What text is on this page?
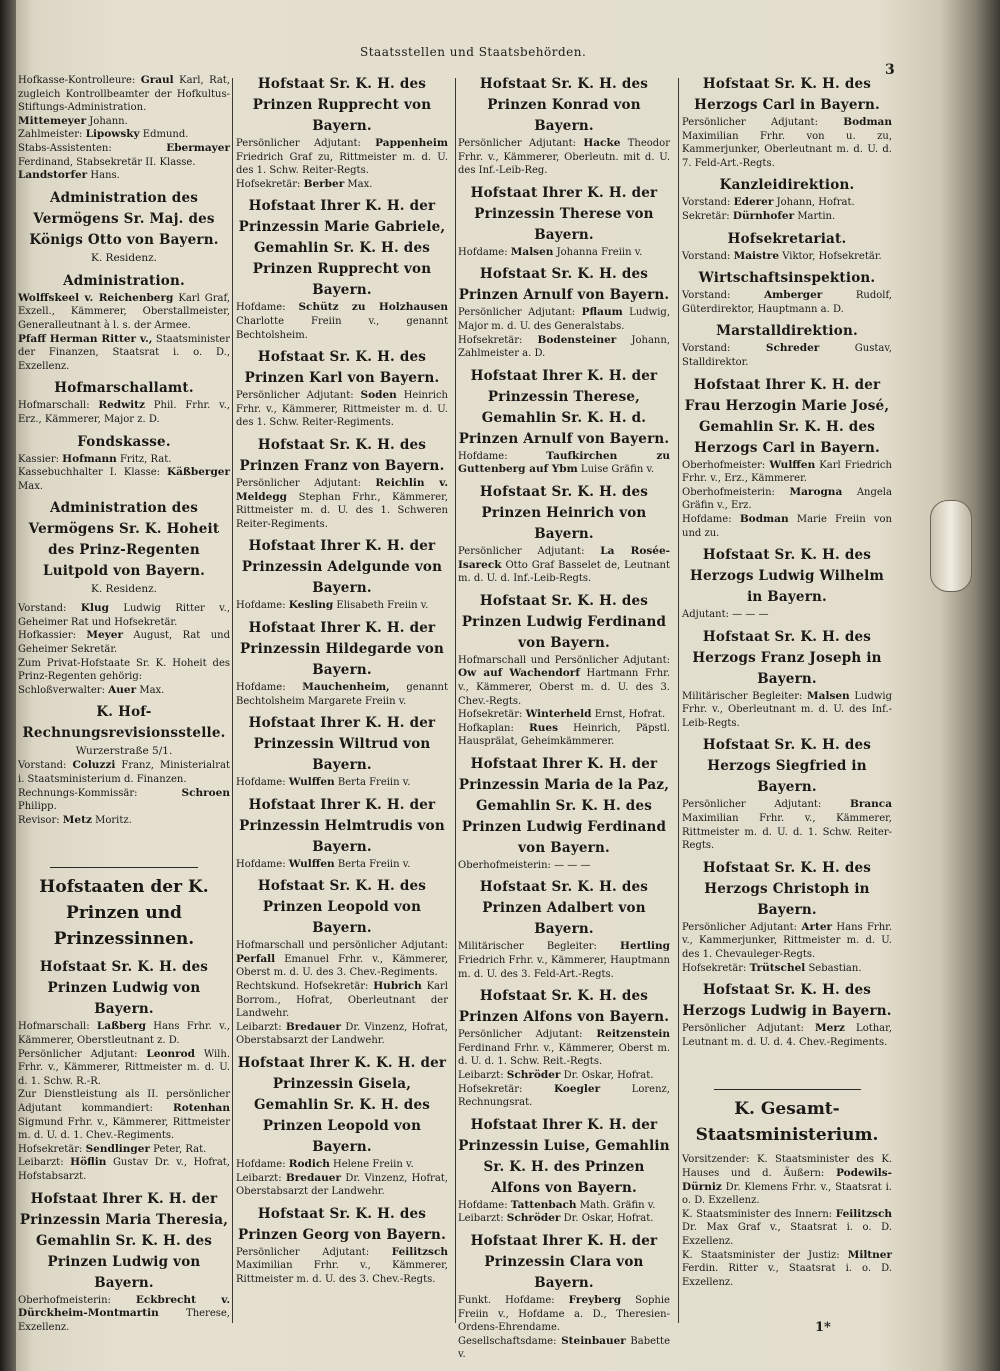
Staatsstellen und Staatsbehörden.
3
Hofkasse-Kontrolleure: Graul Karl, Rat, zugleich Kontrollbeamter der Hofkultus-Stiftungs-Administration.
Mittemeyer Johann.
Zahlmeister: Lipowsky Edmund.
Stabs-Assistenten:	Ebermayer Ferdinand, Stabsekretär II. Klasse.
Landstorfer Hans.
Administration des Vermögens Sr. Maj. des Königs Otto von Bayern.
K. Residenz.
Administration.
Wolffskeel v. Reichenberg Karl Graf, Exzell., Kämmerer, Oberstallmeister, Generalleutnant à l. s. der Armee.
Pfaff Herman Ritter v., Staatsminister der Finanzen, Staatsrat i. o. D., Exzellenz.
Hofmarschallamt.
Hofmarschall: Redwitz Phil. Frhr. v., Erz., Kämmerer, Major z. D.
Fondskasse.
Kassier: Hofmann Fritz, Rat.
Kassebuchhalter I. Klasse: Käßberger Max.
Administration des Vermögens Sr. K. Hoheit des Prinz-Regenten Luitpold von Bayern.
K. Residenz.
Vorstand: Klug Ludwig Ritter v., Geheimer Rat und Hofsekretär.
Hofkassier: Meyer August, Rat und Geheimer Sekretär.
Zum Privat-Hofstaate Sr. K. Hoheit des Prinz-Regenten gehörig:
Schloßverwalter: Auer Max.
K. Hof-Rechnungsrevisionsstelle.
Wurzerstraße 5/1.
Vorstand: Coluzzi Franz, Ministerialrat i. Staatsministerium d. Finanzen.
Rechnungs-Kommissär:	Schroen Philipp.
Revisor: Metz Moritz.
Hofstaaten der K. Prinzen und Prinzessinnen.
Hofstaat Sr. K. H. des Prinzen Ludwig von Bayern.
Hofmarschall: Laßberg Hans Frhr. v., Kämmerer, Oberstleutnant z. D.
Persönlicher Adjutant: Leonrod Wilh. Frhr. v., Kämmerer, Rittmeister m. d. U. d. 1. Schw. R.-R.
Zur Dienstleistung als II. persönlicher Adjutant kommandiert: Rotenhan Sigmund Frhr. v., Kämmerer, Rittmeister m. d. U. d. 1. Chev.-Regiments.
Hofsekretär: Sendlinger Peter, Rat.
Leibarzt: Höflin Gustav Dr. v., Hofrat, Hofstabsarzt.
Hofstaat Ihrer K. H. der Prinzessin Maria Theresia, Gemahlin Sr. K. H. des Prinzen Ludwig von Bayern.
Oberhofmeisterin: Eckbrecht v. Dürckheim-Montmartin	Therese, Exzellenz.
Hofstaat Sr. K. H. des Prinzen Rupprecht von Bayern.
Persönlicher Adjutant: Pappenheim Friedrich Graf zu, Rittmeister m. d. U. des 1. Schw. Reiter-Regts.
Hofsekretär: Berber Max.
Hofstaat Ihrer K. H. der Prinzessin Marie Gabriele, Gemahlin Sr. K. H. des Prinzen Rupprecht von Bayern.
Hofdame: Schütz zu Holzhausen Charlotte Freiin v., genannt Bechtolsheim.
Hofstaat Sr. K. H. des Prinzen Karl von Bayern.
Persönlicher Adjutant: Soden Heinrich Frhr. v., Kämmerer, Rittmeister m. d. U. des 1. Schw. Reiter-Regiments.
Hofstaat Sr. K. H. des Prinzen Franz von Bayern.
Persönlicher Adjutant: Reichlin v. Meldegg Stephan Frhr., Kämmerer, Rittmeister m. d. U. des 1. Schweren Reiter-Regiments.
Hofstaat Ihrer K. H. der Prinzessin Adelgunde von Bayern.
Hofdame: Kesling Elisabeth Freiin v.
Hofstaat Ihrer K. H. der Prinzessin Hildegarde von Bayern.
Hofdame: Mauchenheim, genannt Bechtolsheim Margarete Freiin v.
Hofstaat Ihrer K. H. der Prinzessin Wiltrud von Bayern.
Hofdame: Wulffen Berta Freiin v.
Hofstaat Ihrer K. H. der Prinzessin Helmtrudis von Bayern.
Hofdame: Wulffen Berta Freiin v.
Hofstaat Sr. K. H. des Prinzen Leopold von Bayern.
Hofmarschall und persönlicher Adjutant: Perfall Emanuel Frhr. v., Kämmerer, Oberst m. d. U. des 3. Chev.-Regiments.
Rechtskund. Hofsekretär: Hubrich Karl Borrom., Hofrat, Oberleutnant der Landwehr.
Leibarzt: Bredauer Dr. Vinzenz, Hofrat, Oberstabsarzt der Landwehr.
Hofstaat Ihrer K. K. H. der Prinzessin Gisela, Gemahlin Sr. K. H. des Prinzen Leopold von Bayern.
Hofdame: Rodich Helene Freiin v.
Leibarzt: Bredauer Dr. Vinzenz, Hofrat, Oberstabsarzt der Landwehr.
Hofstaat Sr. K. H. des Prinzen Georg von Bayern.
Persönlicher Adjutant: Feilitzsch Maximilian Frhr. v., Kämmerer, Rittmeister m. d. U. des 3. Chev.-Regts.
Hofstaat Sr. K. H. des Prinzen Konrad von Bayern.
Persönlicher Adjutant: Hacke Theodor Frhr. v., Kämmerer, Oberleutn. mit d. U. des Inf.-Leib-Reg.
Hofstaat Ihrer K. H. der Prinzessin Therese von Bayern.
Hofdame: Malsen Johanna Freiin v.
Hofstaat Sr. K. H. des Prinzen Arnulf von Bayern.
Persönlicher Adjutant: Pflaum Ludwig, Major m. d. U. des Generalstabs.
Hofsekretär: Bodensteiner Johann, Zahlmeister a. D.
Hofstaat Ihrer K. H. der Prinzessin Therese, Gemahlin Sr. K. H. d. Prinzen Arnulf von Bayern.
Hofdame:	Taufkirchen zu Guttenberg auf Ybm Luise Gräfin v.
Hofstaat Sr. K. H. des Prinzen Heinrich von Bayern.
Persönlicher Adjutant: La Rosée-Isareck Otto Graf Basselet de, Leutnant m. d. U. d. Inf.-Leib-Regts.
Hofstaat Sr. K. H. des Prinzen Ludwig Ferdinand von Bayern.
Hofmarschall und Persönlicher Adjutant: Ow auf Wachendorf Hartmann Frhr. v., Kämmerer, Oberst m. d. U. des 3. Chev.-Regts.
Hofsekretär: Winterheld Ernst, Hofrat.
Hofkaplan: Rues Heinrich, Päpstl. Hausprälat, Geheimkämmerer.
Hofstaat Ihrer K. H. der Prinzessin Maria de la Paz, Gemahlin Sr. K. H. des Prinzen Ludwig Ferdinand von Bayern.
Oberhofmeisterin: — — —
Hofstaat Sr. K. H. des Prinzen Adalbert von Bayern.
Militärischer Begleiter: Hertling Friedrich Frhr. v., Kämmerer, Hauptmann m. d. U. des 3. Feld-Art.-Regts.
Hofstaat Sr. K. H. des Prinzen Alfons von Bayern.
Persönlicher Adjutant: Reitzenstein Ferdinand Frhr. v., Kämmerer, Oberst m. d. U. d. 1. Schw. Reit.-Regts.
Leibarzt: Schröder Dr. Oskar, Hofrat.
Hofsekretär:	Koegler	Lorenz, Rechnungsrat.
Hofstaat Ihrer K. H. der Prinzessin Luise, Gemahlin Sr. K. H. des Prinzen Alfons von Bayern.
Hofdame: Tattenbach Math. Gräfin v.
Leibarzt: Schröder Dr. Oskar, Hofrat.
Hofstaat Ihrer K. H. der Prinzessin Clara von Bayern.
Funkt. Hofdame: Freyberg Sophie Freiin v., Hofdame a. D., Theresien-Ordens-Ehrendame.
Gesellschaftsdame: Steinbauer Babette v.
Hofstaat Sr. K. H. des Herzogs Carl in Bayern.
Persönlicher Adjutant: Bodman Maximilian Frhr. von u. zu, Kammerjunker, Oberleutnant m. d. U. d. 7. Feld-Art.-Regts.
Kanzleidirektion.
Vorstand: Ederer Johann, Hofrat.
Sekretär: Dürnhofer Martin.
Hofsekretariat.
Vorstand: Maistre Viktor, Hofsekretär.
Wirtschaftsinspektion.
Vorstand:	Amberger	Rudolf, Güterdirektor, Hauptmann a. D.
Marstalldirektion.
Vorstand:	Schreder	Gustav, Stalldirektor.
Hofstaat Ihrer K. H. der Frau Herzogin Marie José, Gemahlin Sr. K. H. des Herzogs Carl in Bayern.
Oberhofmeister: Wulffen Karl Friedrich Frhr. v., Erz., Kämmerer.
Oberhofmeisterin: Marogna Angela Gräfin v., Erz.
Hofdame: Bodman Marie Freiin von und zu.
Hofstaat Sr. K. H. des Herzogs Ludwig Wilhelm in Bayern.
Adjutant: — — —
Hofstaat Sr. K. H. des Herzogs Franz Joseph in Bayern.
Militärischer Begleiter: Malsen Ludwig Frhr. v., Oberleutnant m. d. U. des Inf.-Leib-Regts.
Hofstaat Sr. K. H. des Herzogs Siegfried in Bayern.
Persönlicher Adjutant:	Branca Maximilian Frhr. v., Kämmerer, Rittmeister m. d. U. d. 1. Schw. Reiter-Regts.
Hofstaat Sr. K. H. des Herzogs Christoph in Bayern.
Persönlicher Adjutant: Arter Hans Frhr. v., Kammerjunker, Rittmeister m. d. U. des 1. Chevauleger-Regts.
Hofsekretär: Trütschel Sebastian.
Hofstaat Sr. K. H. des Herzogs Ludwig in Bayern.
Persönlicher Adjutant: Merz Lothar, Leutnant m. d. U. d. 4. Chev.-Regiments.
K. Gesamt-Staatsministerium.
Vorsitzender: K. Staatsminister des K. Hauses und d. Äußern: Podewils-Dürniz Dr. Klemens Frhr. v., Staatsrat i. o. D. Exzellenz.
K. Staatsminister des Innern: Feilitzsch Dr. Max Graf v., Staatsrat i. o. D. Exzellenz.
K. Staatsminister der Justiz: Miltner Ferdin. Ritter v., Staatsrat i. o. D. Exzellenz.
1*
